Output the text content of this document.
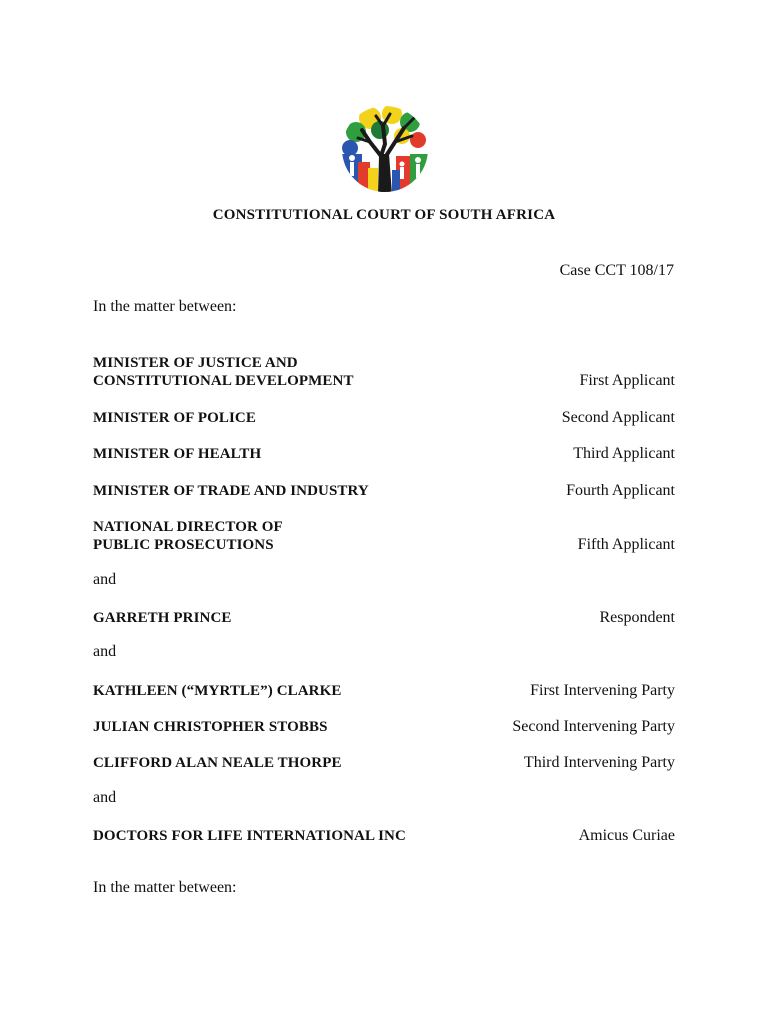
CONSTITUTIONAL COURT OF SOUTH AFRICA
Case CCT 108/17
In the matter between:
MINISTER OF JUSTICE AND
CONSTITUTIONAL DEVELOPMENT	First Applicant
MINISTER OF POLICE	Second Applicant
MINISTER OF HEALTH	Third Applicant
MINISTER OF TRADE AND INDUSTRY	Fourth Applicant
NATIONAL DIRECTOR OF
PUBLIC PROSECUTIONS	Fifth Applicant
and
GARRETH PRINCE	Respondent
and
KATHLEEN (“MYRTLE”) CLARKE	First Intervening Party
JULIAN CHRISTOPHER STOBBS	Second Intervening Party
CLIFFORD ALAN NEALE THORPE	Third Intervening Party
and
DOCTORS FOR LIFE INTERNATIONAL INC	Amicus Curiae
In the matter between:
